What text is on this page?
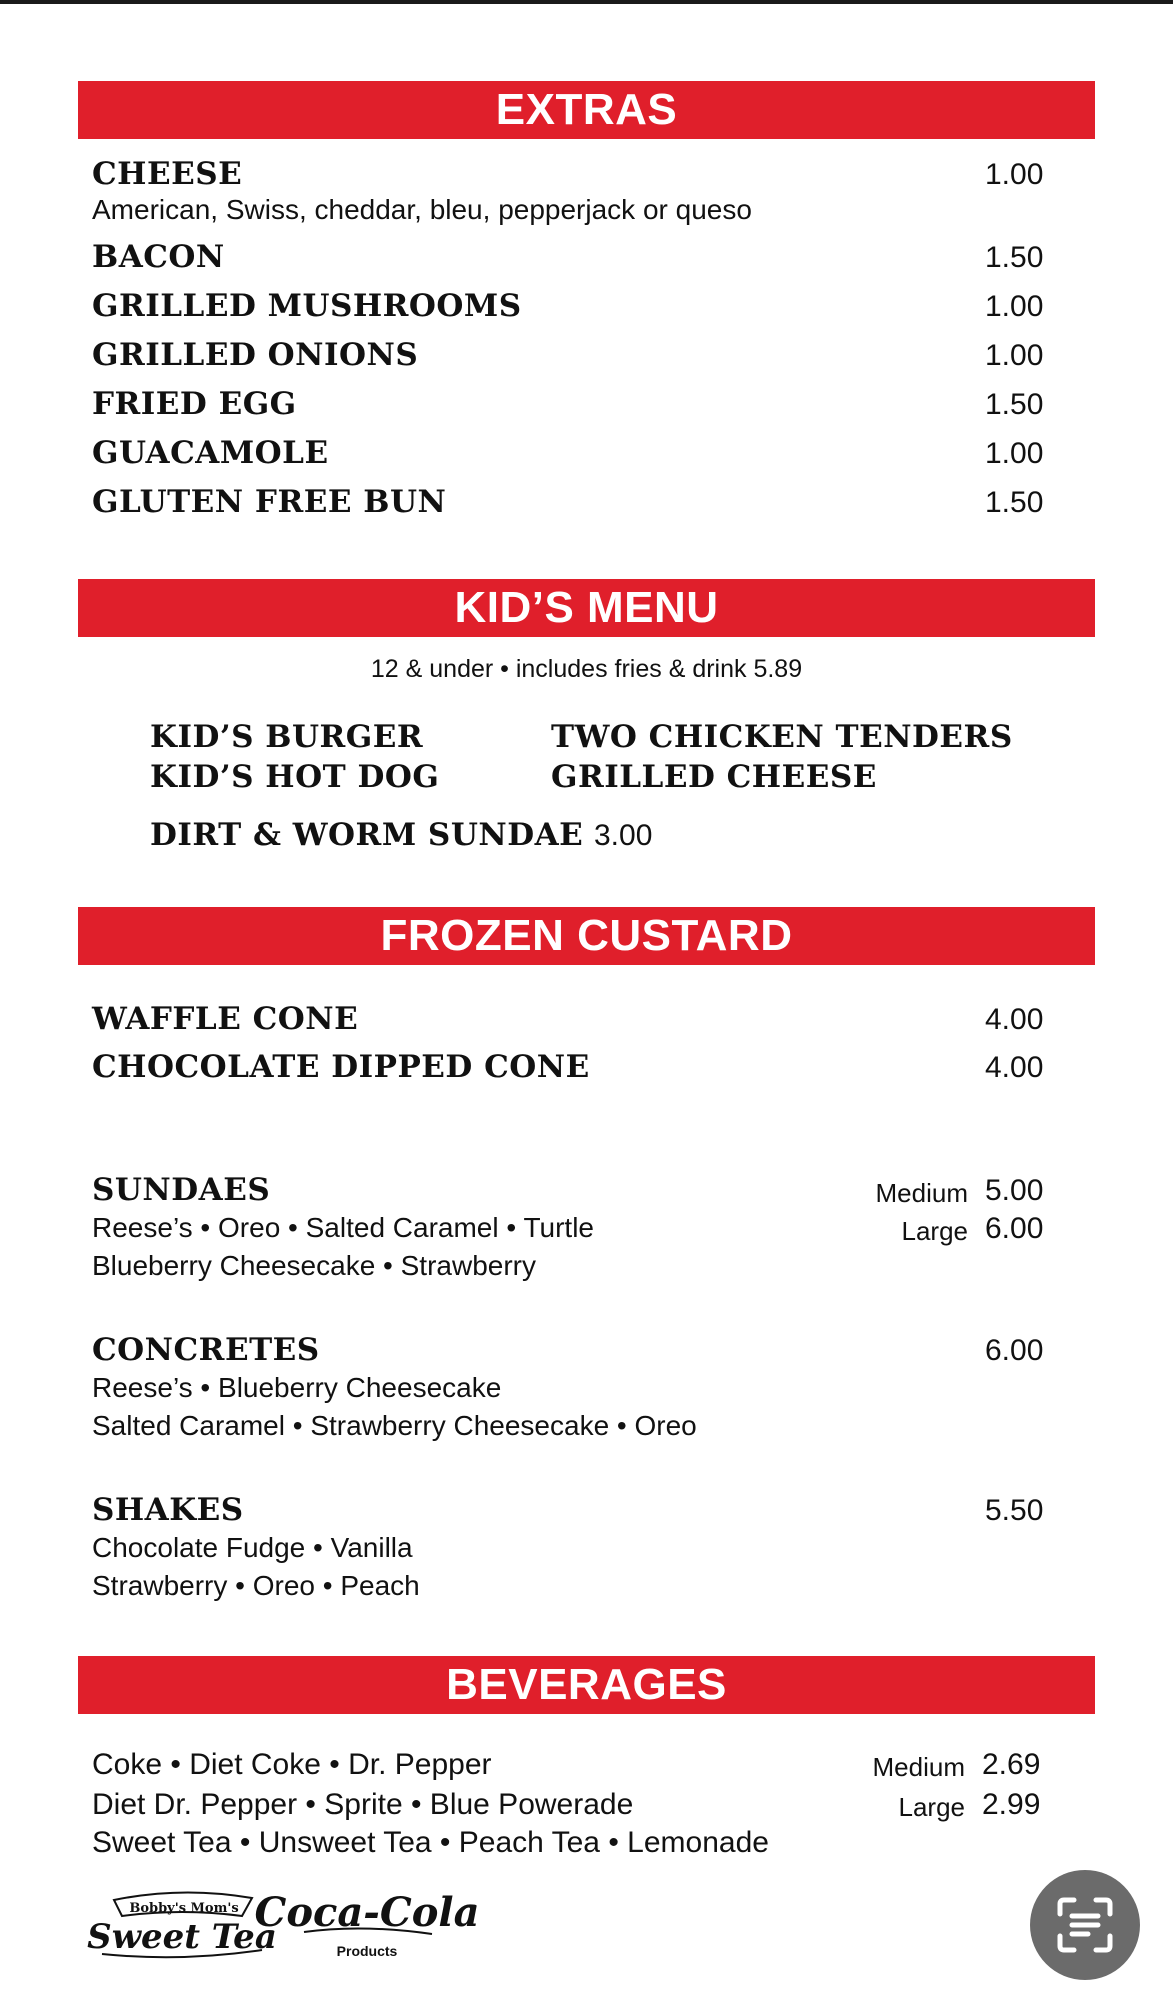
EXTRAS
CHEESE	1.00
American, Swiss, cheddar, bleu, pepperjack or queso
BACON	1.50
GRILLED MUSHROOMS	1.00
GRILLED ONIONS	1.00
FRIED EGG	1.50
GUACAMOLE	1.00
GLUTEN FREE BUN	1.50
KID’S MENU
12 & under • includes fries & drink 5.89
KID’S BURGER	TWO CHICKEN TENDERS
KID’S HOT DOG	GRILLED CHEESE
DIRT & WORM SUNDAE 3.00
FROZEN CUSTARD
WAFFLE CONE	4.00
CHOCOLATE DIPPED CONE	4.00
SUNDAES
Reese’s • Oreo • Salted Caramel • Turtle
Blueberry Cheesecake • Strawberry
Medium 5.00
Large 6.00
CONCRETES	6.00
Reese’s • Blueberry Cheesecake
Salted Caramel • Strawberry Cheesecake • Oreo
SHAKES	5.50
Chocolate Fudge • Vanilla
Strawberry • Oreo • Peach
BEVERAGES
Coke • Diet Coke • Dr. Pepper
Diet Dr. Pepper • Sprite • Blue Powerade
Sweet Tea • Unsweet Tea • Peach Tea • Lemonade
Medium 2.69
Large 2.99
Bobby's Mom's
Sweet Tea
Coca-Cola
Products
